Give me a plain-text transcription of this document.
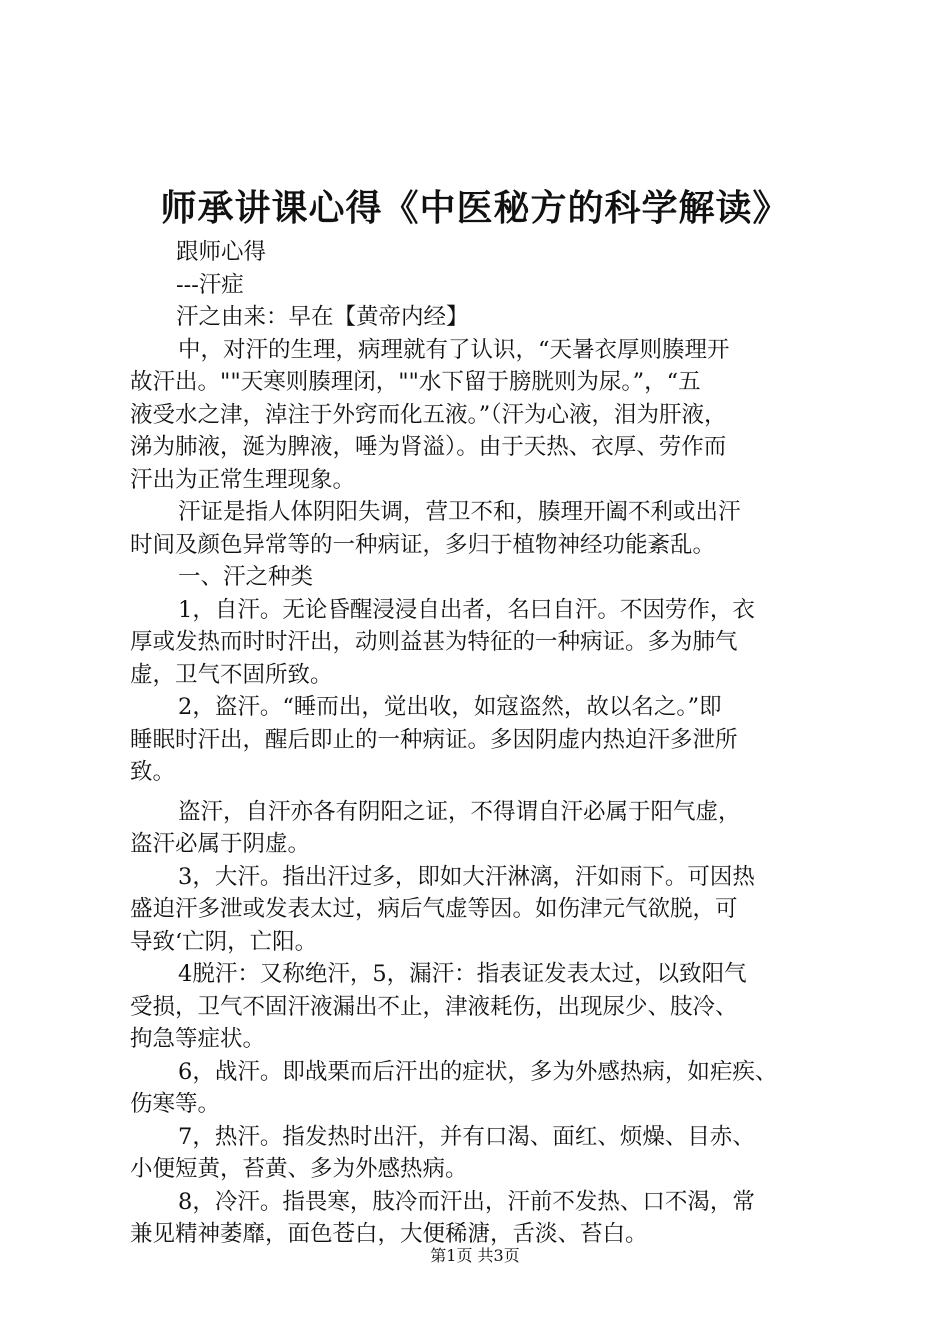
师承讲课心得《中医秘方的科学解读》
跟师心得
---汗症
汗之由来：早在【黄帝内经】
中，对汗的生理，病理就有了认识，“天暑衣厚则腠理开
故汗出。""天寒则腠理闭，""水下留于膀胱则为尿。”，“五
液受水之津，淖注于外窍而化五液。”（汗为心液，泪为肝液，
涕为肺液，涎为脾液，唾为肾溢）。由于天热、衣厚、劳作而
汗出为正常生理现象。
汗证是指人体阴阳失调，营卫不和，腠理开阖不利或出汗
时间及颜色异常等的一种病证，多归于植物神经功能紊乱。
一、汗之种类
1，自汗。无论昏醒浸浸自出者，名曰自汗。不因劳作，衣
厚或发热而时时汗出，动则益甚为特征的一种病证。多为肺气
虚，卫气不固所致。
2，盗汗。“睡而出，觉出收，如寇盗然，故以名之。”即
睡眠时汗出，醒后即止的一种病证。多因阴虚内热迫汗多泄所
致。
盗汗，自汗亦各有阴阳之证，不得谓自汗必属于阳气虚，
盗汗必属于阴虚。
3，大汗。指出汗过多，即如大汗淋漓，汗如雨下。可因热
盛迫汗多泄或发表太过，病后气虚等因。如伤津元气欲脱，可
导致‘亡阴，亡阳。
4脱汗：又称绝汗，5，漏汗：指表证发表太过，以致阳气
受损，卫气不固汗液漏出不止，津液耗伤，出现尿少、肢冷、
拘急等症状。
6，战汗。即战栗而后汗出的症状，多为外感热病，如疟疾、
伤寒等。
7，热汗。指发热时出汗，并有口渴、面红、烦燥、目赤、
小便短黄，苔黄、多为外感热病。
8，冷汗。指畏寒，肢冷而汗出，汗前不发热、口不渴，常
兼见精神萎靡，面色苍白，大便稀溏，舌淡、苔白。
第1页 共3页
